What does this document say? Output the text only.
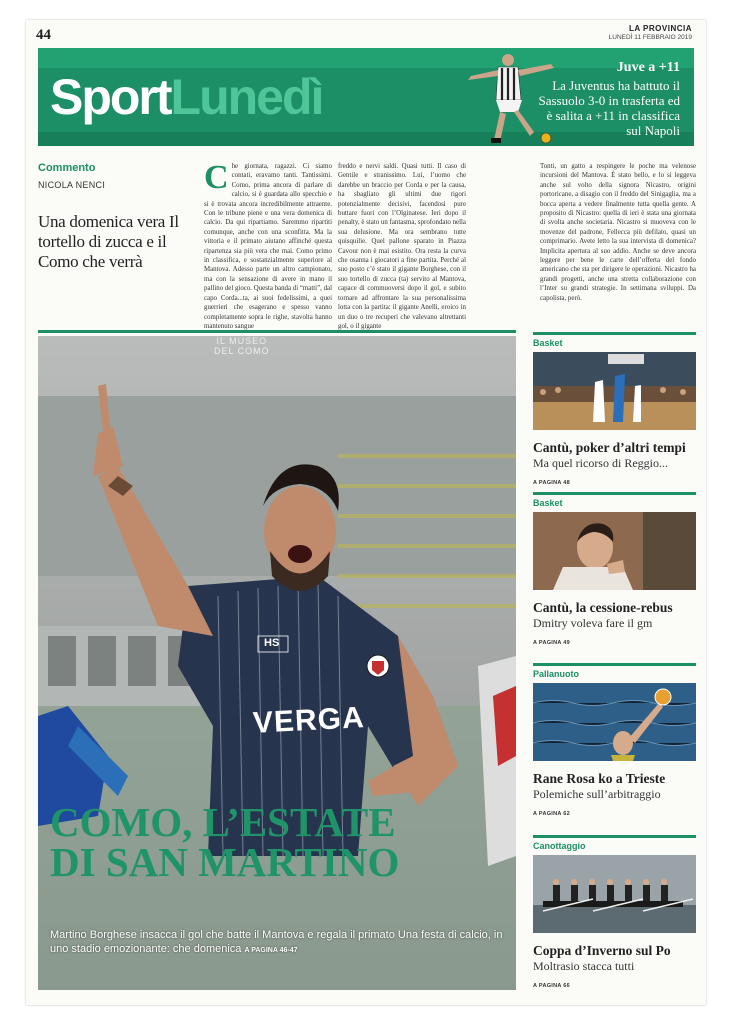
44	LA PROVINCIA
LUNEDÌ 11 FEBBRAIO 2019
SportLunedì
Juve a +11
La Juventus ha battuto il Sassuolo 3-0 in trasferta ed è salita a +11 in classifica sul Napoli
Commento
NICOLA NENCI
Una domenica vera Il tortello di zucca e il Como che verrà
Che giornata, ragazzi. Ci siamo contati, eravamo tanti. Tantissimi. Como, prima ancora di parlare di calcio, si è guardata allo specchio e si è trovata ancora incredibilmente attraente. Con le tribune piene e una vera domenica di calcio. Da qui ripartiamo. Saremmo ripartiti comunque, anche con una sconfitta. Ma la vittoria e il primato aiutano affinché questa ripartenza sia più vera che mai. Como primo in classifica, e sostanzialmente superiore al Mantova. Adesso parte un altro campionato, ma con la sensazione di avere in mano il pallino del gioco. Questa banda di “matti”, dal capo Corda...ta, ai suoi fedelissimi, a quei guerrieri che esagerano e spesso vanno completamente sopra le righe, stavolta hanno mantenuto sangue
freddo e nervi saldi. Quasi tutti. Il caso di Gentile e stranissimo. Lui, l’uomo che darebbe un braccio per Corda e per la causa, ha sbagliato gli ultimi due rigori potenzialmente decisivi, facendosi pure buttare fuori con l’Olginatese. Ieri dopo il penalty, è stato un fantasma, sprofondato nella sua delusione. Ma ora sembrano tutte quisquilie. Quel pallone sparato in Piazza Cavour non è mai esistito. Ora resta la curva che osanna i giocatori a fine partita. Perché al suo posto c’è stato il gigante Borghese, con il suo tortello di zucca (ta) servito al Mantova, capace di commuoversi dopo il gol, e subito tornare ad affrontare la sua personalissima lotta con la partita: il gigante Anelli, eroico in un duo o tre recuperi che valevano altrettanti gol, o il gigante
Tonti, un gatto a respingere le poche ma velenose incursioni del Mantova. È stato bello, e lo si leggeva anche sul volto della signora Nicastro, origini portoricane, a disagio con il freddo del Sinigaglia, ma a bocca aperta a vedere finalmente tutta quella gente. A proposito di Nicastro: quella di ieri è stata una giornata di svolta anche societaria. Nicastro si muoveva con le movenze del padrone, Fellecca più defilato, quasi un comprimario. Avete letto la sua intervista di domenica? Implicita apertura al suo addio. Anche se deve ancora leggere per bene le carte dell’offerta del fondo americano che sta per dirigere le operazioni. Nicastro ha grandi progetti, anche una stretta collaborazione con l’Inter su grandi strategie. In settimana sviluppi. Da capolista, però.
HS
VERGA
IL MUSEO
DEL COMO
COMO, L’ESTATE
DI SAN MARTINO
Martino Borghese insacca il gol che batte il Mantova e regala il primato Una festa di calcio, in uno stadio emozionante: che domenica A PAGINA 46-47
Basket
Cantù, poker d’altri tempi
Ma quel ricorso di Reggio...
A PAGINA 48
Basket
Cantù, la cessione-rebus
Dmitry voleva fare il gm
A PAGINA 49
Pallanuoto
Rane Rosa ko a Trieste
Polemiche sull’arbitraggio
A PAGINA 62
Canottaggio
Coppa d’Inverno sul Po
Moltrasio stacca tutti
A PAGINA 66
